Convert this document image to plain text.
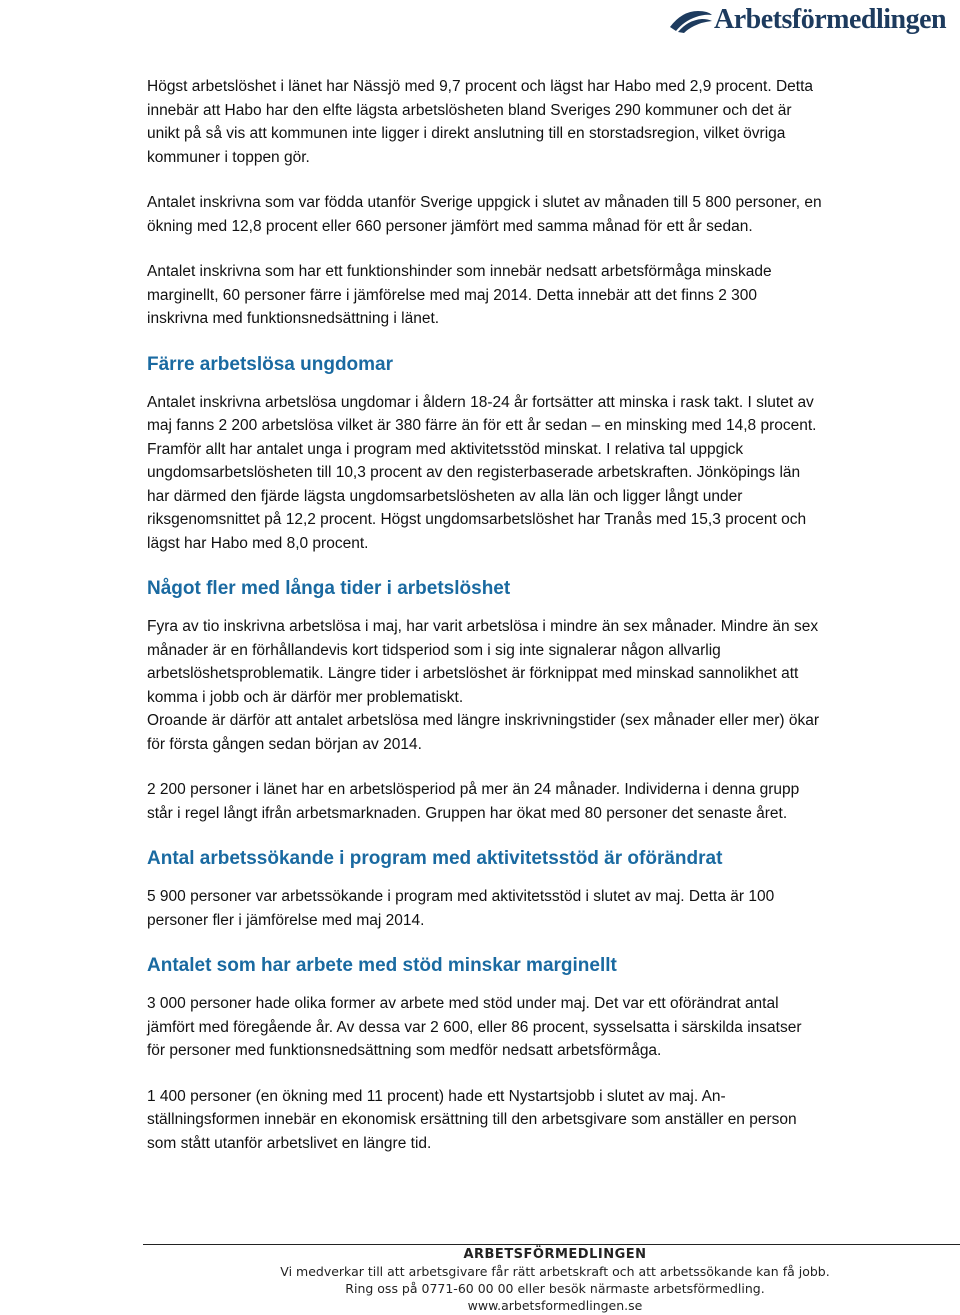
Arbetsförmedlingen

Högst arbetslöshet i länet har Nässjö med 9,7 procent och lägst har Habo med 2,9 procent. Detta innebär att Habo har den elfte lägsta arbetslösheten bland Sveriges 290 kommuner och det är unikt på så vis att kommunen inte ligger i direkt anslutning till en storstadsregion, vilket övriga kommuner i toppen gör.

Antalet inskrivna som var födda utanför Sverige uppgick i slutet av månaden till 5 800 personer, en ökning med 12,8 procent eller 660 personer jämfört med samma månad för ett år sedan.

Antalet inskrivna som har ett funktionshinder som innebär nedsatt arbetsförmåga minskade marginellt, 60 personer färre i jämförelse med maj 2014. Detta innebär att det finns 2 300 inskrivna med funktionsnedsättning i länet.

Färre arbetslösa ungdomar

Antalet inskrivna arbetslösa ungdomar i åldern 18-24 år fortsätter att minska i rask takt. I slutet av maj fanns 2 200 arbetslösa vilket är 380 färre än för ett år sedan – en minsking med 14,8 procent. Framför allt har antalet unga i program med aktivitetsstöd minskat. I relativa tal uppgick ungdomsarbetslösheten till 10,3 procent av den registerbaserade arbetskraften. Jönköpings län har därmed den fjärde lägsta ungdomsarbetslösheten av alla län och ligger långt under riksgenomsnittet på 12,2 procent. Högst ungdomsarbetslöshet har Tranås med 15,3 procent och lägst har Habo med 8,0 procent.

Något fler med långa tider i arbetslöshet

Fyra av tio inskrivna arbetslösa i maj, har varit arbetslösa i mindre än sex månader. Mindre än sex månader är en förhållandevis kort tidsperiod som i sig inte signalerar någon allvarlig arbetslöshetsproblematik. Längre tider i arbetslöshet är förknippat med minskad sannolikhet att komma i jobb och är därför mer problematiskt.

Oroande är därför att antalet arbetslösa med längre inskrivningstider (sex månader eller mer) ökar för första gången sedan början av 2014.

2 200 personer i länet har en arbetslösperiod på mer än 24 månader. Individerna i denna grupp står i regel långt ifrån arbetsmarknaden. Gruppen har ökat med 80 personer det senaste året.

Antal arbetssökande i program med aktivitetsstöd är oförändrat

5 900 personer var arbetssökande i program med aktivitetsstöd i slutet av maj. Detta är 100 personer fler i jämförelse med maj 2014.

Antalet som har arbete med stöd minskar marginellt

3 000 personer hade olika former av arbete med stöd under maj. Det var ett oförändrat antal jämfört med föregående år. Av dessa var 2 600, eller 86 procent, sysselsatta i särskilda insatser för personer med funktionsnedsättning som medför nedsatt arbetsförmåga.

1 400 personer (en ökning med 11 procent) hade ett Nystartsjobb i slutet av maj. Anställningsformen innebär en ekonomisk ersättning till den arbetsgivare som anställer en person som stått utanför arbetslivet en längre tid.

ARBETSFÖRMEDLINGEN
Vi medverkar till att arbetsgivare får rätt arbetskraft och att arbetssökande kan få jobb.
Ring oss på 0771-60 00 00 eller besök närmaste arbetsförmedling.
www.arbetsformedlingen.se
